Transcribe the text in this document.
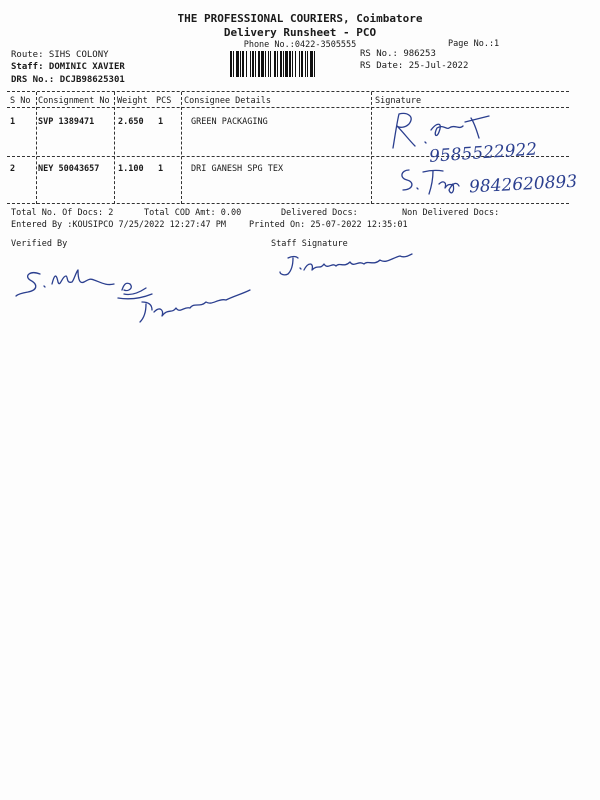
THE PROFESSIONAL COURIERS, Coimbatore
Delivery Runsheet - PCO
Phone No.:0422-3505555	Page No.:1
Route: SIHS COLONY
Staff: DOMINIC XAVIER
DRS No.: DCJB98625301
RS No.: 986253
RS Date: 25-Jul-2022
S No Consignment No Weight PCS Consignee Details	Signature
1	SVP 1389471	2.650 1	GREEN PACKAGING
2	NEY 50043657 1.100 1	DRI GANESH SPG TEX
9585522922
9842620893
Total No. Of Docs: 2	Total COD Amt: 0.00	Delivered Docs:	Non Delivered Docs:
Entered By :KOUSIPCO 7/25/2022 12:27:47 PM	Printed On: 25-07-2022 12:35:01
Verified By	Staff Signature
